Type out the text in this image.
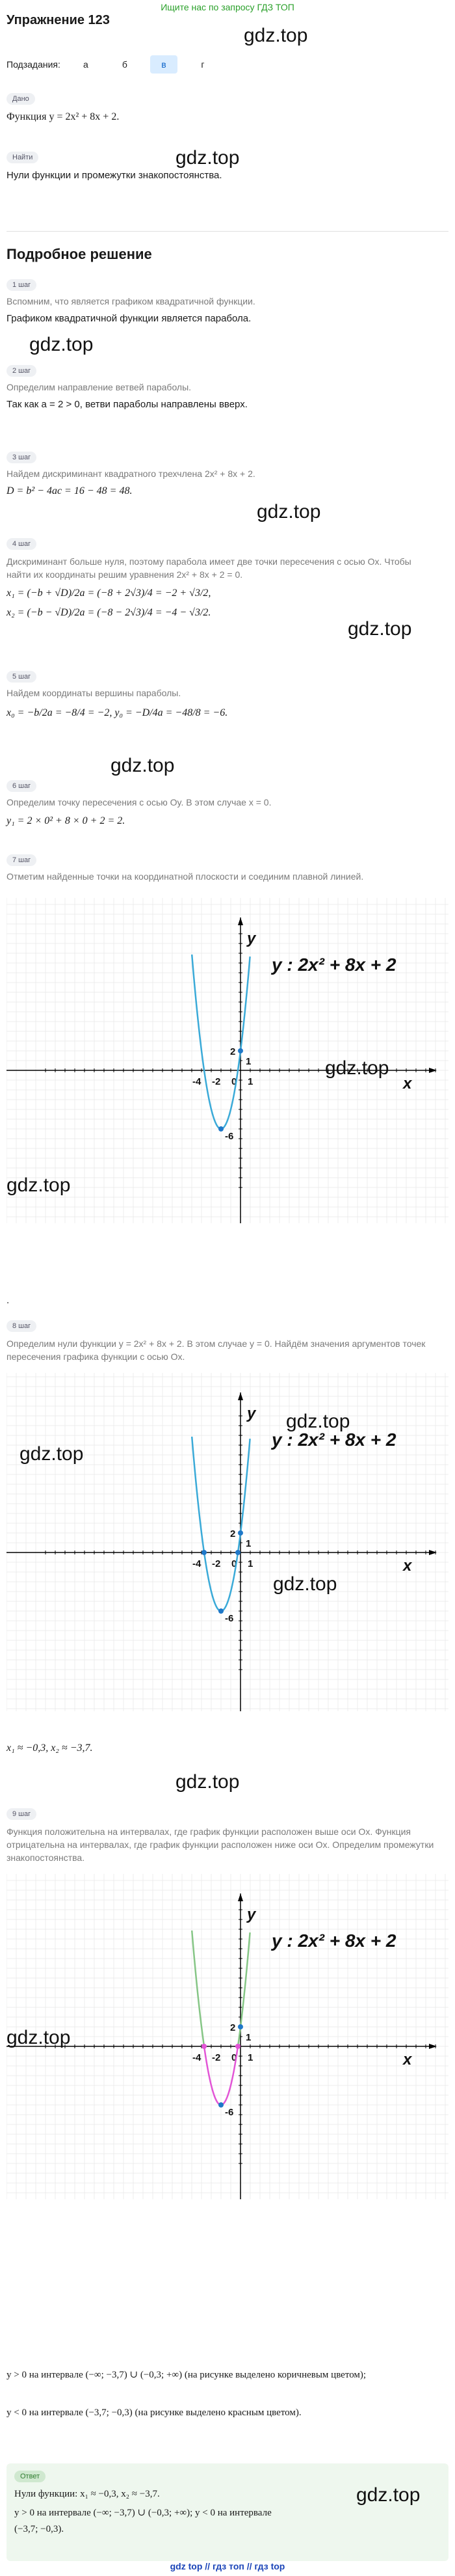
Ищите нас по запросу ГДЗ ТОП
Упражнение 123
gdz.top
Подзадания:	а	б	в	г
Дано
Функция y = 2x² + 8x + 2.
Найти
Нули функции и промежутки знакопостоянства.
gdz.top
Подробное решение
1 шаг
Вспомним, что является графиком квадратичной функции.
Графиком квадратичной функции является парабола.
gdz.top
2 шаг
Определим направление ветвей параболы.
Так как a = 2 > 0, ветви параболы направлены вверх.
3 шаг
Найдем дискриминант квадратного трехчлена 2x² + 8x + 2.
D = b² − 4ac = 16 − 48 = 48.
gdz.top
4 шаг
Дискриминант больше нуля, поэтому парабола имеет две точки пересечения с осью Ox. Чтобы найти их координаты решим уравнения 2x² + 8x + 2 = 0.
x₁ = (−b + √D)/2a = (−8 + 2√3)/4 = −2 + √3/2,
x₂ = (−b − √D)/2a = (−8 − 2√3)/4 = −4 − √3/2.
gdz.top
5 шаг
Найдем координаты вершины параболы.
x₀ = −b/2a = −8/4 = −2, y₀ = −D/4a = −48/8 = −6.
gdz.top
6 шаг
Определим точку пересечения с осью Oy. В этом случае x = 0.
y₁ = 2 × 0² + 8 × 0 + 2 = 2.
7 шаг
Отметим найденные точки на координатной плоскости и соединим плавной линией.
x
y
-4 -2 0 1
2
1
-6
y : 2x² + 8x + 2
gdz.top
gdz.top
.
8 шаг
Определим нули функции y = 2x² + 8x + 2. В этом случае y = 0. Найдём значения аргументов точек пересечения графика функции с осью Ox.
x
y
-4 -2 0 1
2
1
-6
y : 2x² + 8x + 2
gdz.top
gdz.top
gdz.top
x₁ ≈ −0,3, x₂ ≈ −3,7.
gdz.top
9 шаг
Функция положительна на интервалах, где график функции расположен выше оси Ox. Функция отрицательна на интервалах, где график функции расположен ниже оси Ox. Определим промежутки знакопостоянства.
x
y
-4 -2 0 1
2
1
-6
y : 2x² + 8x + 2
gdz.top
y > 0 на интервале (−∞; −3,7) ∪ (−0,3; +∞) (на рисунке выделено коричневым цветом);
y < 0 на интервале (−3,7; −0,3) (на рисунке выделено красным цветом).
Ответ
Нули функции: x₁ ≈ −0,3, x₂ ≈ −3,7.
y > 0 на интервале (−∞; −3,7) ∪ (−0,3; +∞); y < 0 на интервале
(−3,7; −0,3).
gdz.top
gdz top // гдз топ // гдз top
